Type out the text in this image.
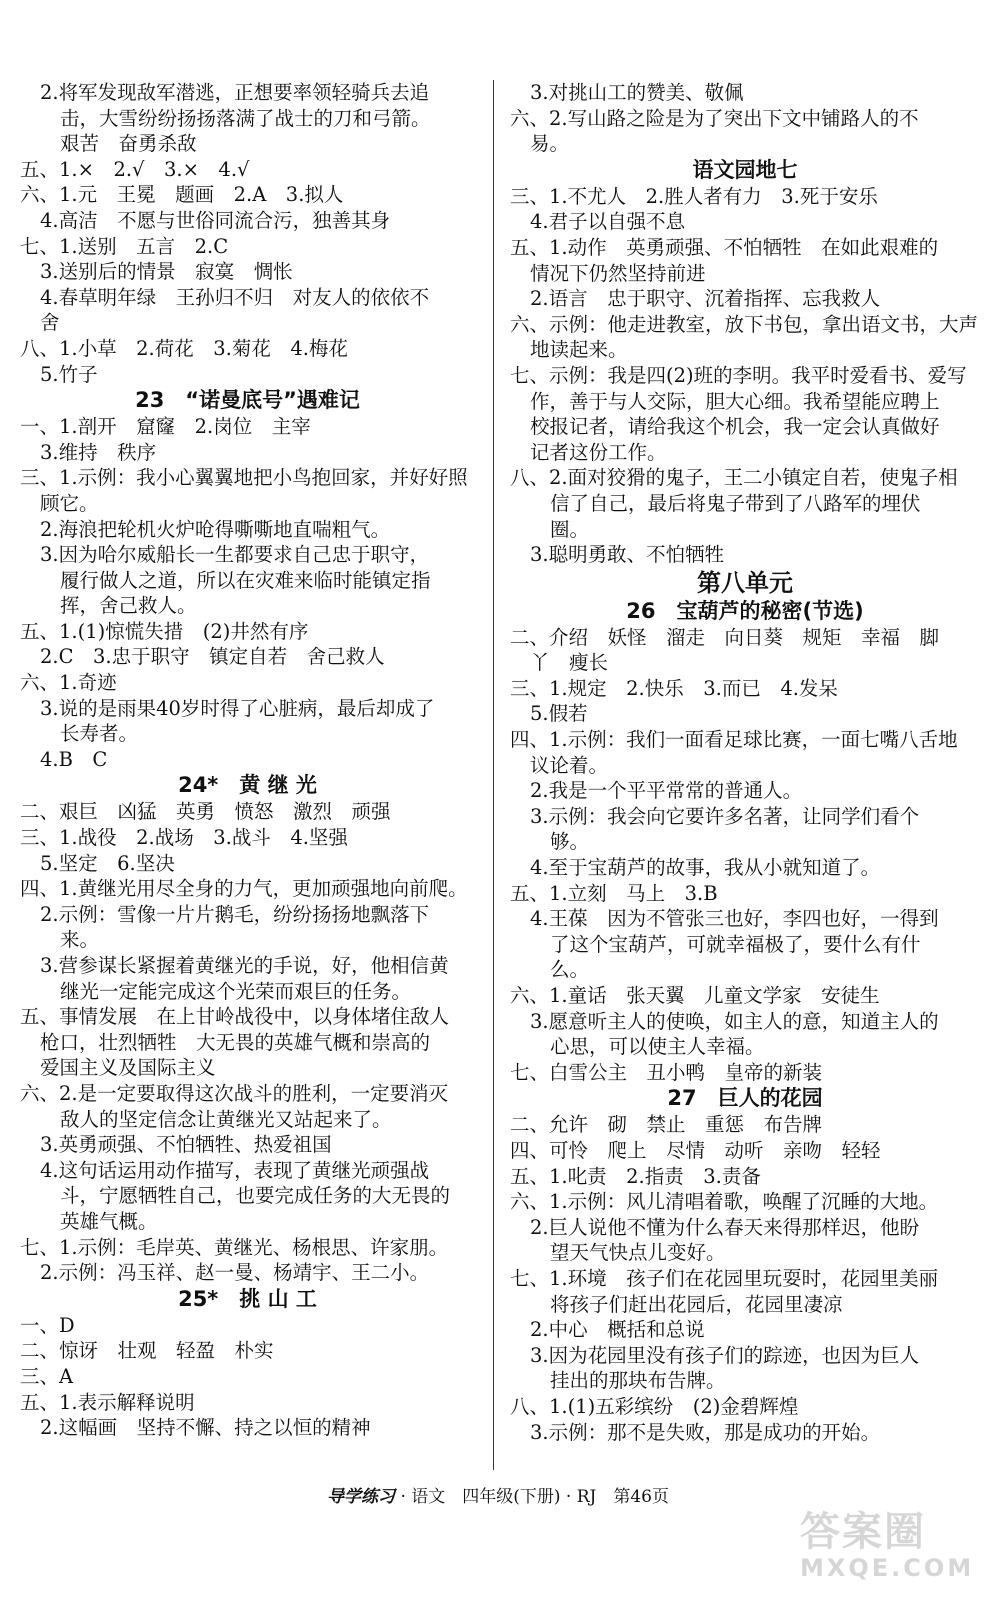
2.将军发现敌军潜逃，正想要率领轻骑兵去追
击，大雪纷纷扬扬落满了战士的刀和弓箭。
艰苦　奋勇杀敌
五、1.×　2.√　3.×　4.√
六、1.元　王冕　题画　2.A　3.拟人
4.高洁　不愿与世俗同流合污，独善其身
七、1.送别　五言　2.C
3.送别后的情景　寂寞　惆怅
4.春草明年绿　王孙归不归　对友人的依依不
舍
八、1.小草　2.荷花　3.菊花　4.梅花
5.竹子
23　“诺曼底号”遇难记
一、1.剖开　窟窿　2.岗位　主宰
3.维持　秩序
三、1.示例：我小心翼翼地把小鸟抱回家，并好好照
顾它。
2.海浪把轮机火炉呛得嘶嘶地直喘粗气。
3.因为哈尔威船长一生都要求自己忠于职守，
履行做人之道，所以在灾难来临时能镇定指
挥，舍己救人。
五、1.(1)惊慌失措　(2)井然有序
2.C　3.忠于职守　镇定自若　舍己救人
六、1.奇迹
3.说的是雨果40岁时得了心脏病，最后却成了
长寿者。
4.B　C
24*　黄 继 光
二、艰巨　凶猛　英勇　愤怒　激烈　顽强
三、1.战役　2.战场　3.战斗　4.坚强
5.坚定　6.坚决
四、1.黄继光用尽全身的力气，更加顽强地向前爬。
2.示例：雪像一片片鹅毛，纷纷扬扬地飘落下
来。
3.营参谋长紧握着黄继光的手说，好，他相信黄
继光一定能完成这个光荣而艰巨的任务。
五、事情发展　在上甘岭战役中，以身体堵住敌人
枪口，壮烈牺牲　大无畏的英雄气概和崇高的
爱国主义及国际主义
六、2.是一定要取得这次战斗的胜利，一定要消灭
敌人的坚定信念让黄继光又站起来了。
3.英勇顽强、不怕牺牲、热爱祖国
4.这句话运用动作描写，表现了黄继光顽强战
斗，宁愿牺牲自己，也要完成任务的大无畏的
英雄气概。
七、1.示例：毛岸英、黄继光、杨根思、许家朋。
2.示例：冯玉祥、赵一曼、杨靖宇、王二小。
25*　挑 山 工
一、D
二、惊讶　壮观　轻盈　朴实
三、A
五、1.表示解释说明
2.这幅画　坚持不懈、持之以恒的精神
3.对挑山工的赞美、敬佩
六、2.写山路之险是为了突出下文中铺路人的不
易。
语文园地七
三、1.不尤人　2.胜人者有力　3.死于安乐
4.君子以自强不息
五、1.动作　英勇顽强、不怕牺牲　在如此艰难的
情况下仍然坚持前进
2.语言　忠于职守、沉着指挥、忘我救人
六、示例：他走进教室，放下书包，拿出语文书，大声
地读起来。
七、示例：我是四(2)班的李明。我平时爱看书、爱写
作，善于与人交际，胆大心细。我希望能应聘上
校报记者，请给我这个机会，我一定会认真做好
记者这份工作。
八、2.面对狡猾的鬼子，王二小镇定自若，使鬼子相
信了自己，最后将鬼子带到了八路军的埋伏
圈。
3.聪明勇敢、不怕牺牲
第八单元
26　宝葫芦的秘密(节选)
二、介绍　妖怪　溜走　向日葵　规矩　幸福　脚
丫　瘦长
三、1.规定　2.快乐　3.而已　4.发呆
5.假若
四、1.示例：我们一面看足球比赛，一面七嘴八舌地
议论着。
2.我是一个平平常常的普通人。
3.示例：我会向它要许多名著，让同学们看个
够。
4.至于宝葫芦的故事，我从小就知道了。
五、1.立刻　马上　3.B
4.王葆　因为不管张三也好，李四也好，一得到
了这个宝葫芦，可就幸福极了，要什么有什
么。
六、1.童话　张天翼　儿童文学家　安徒生
3.愿意听主人的使唤，如主人的意，知道主人的
心思，可以使主人幸福。
七、白雪公主　丑小鸭　皇帝的新装
27　巨人的花园
二、允许　砌　禁止　重惩　布告牌
四、可怜　爬上　尽情　动听　亲吻　轻轻
五、1.叱责　2.指责　3.责备
六、1.示例：风儿清唱着歌，唤醒了沉睡的大地。
2.巨人说他不懂为什么春天来得那样迟，他盼
望天气快点儿变好。
七、1.环境　孩子们在花园里玩耍时，花园里美丽
将孩子们赶出花园后，花园里凄凉
2.中心　概括和总说
3.因为花园里没有孩子们的踪迹，也因为巨人
挂出的那块布告牌。
八、1.(1)五彩缤纷　(2)金碧辉煌
3.示例：那不是失败，那是成功的开始。
导学练习 · 语文　四年级(下册) · RJ　第46页
答案圈
MXQE.COM
